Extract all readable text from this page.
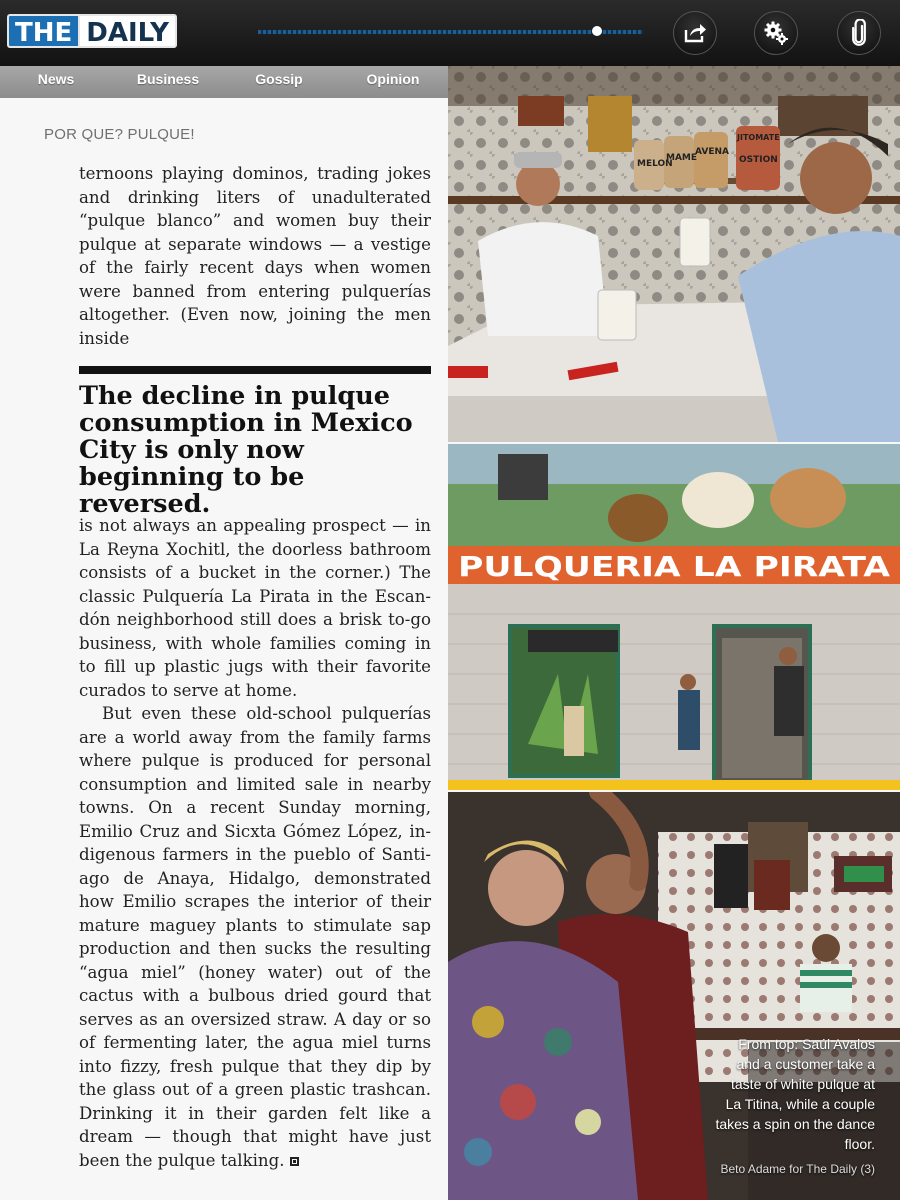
THE DAILY
News	Business	Gossip	Opinion
POR QUE? PULQUE!

ternoons playing dominos, trading jokes and drinking liters of unadulterated “pulque blanco” and women buy their pulque at separate windows — a vestige of the fairly recent days when women were banned from entering pulquerías altogether. (Even now, joining the men inside

The decline in pulque consumption in Mexico City is only now beginning to be reversed.

is not always an appealing prospect — in La Reyna Xochitl, the doorless bathroom consists of a bucket in the corner.) The classic Pulquería La Pirata in the Escandón neighborhood still does a brisk to-go business, with whole families coming in to fill up plastic jugs with their favorite curados to serve at home.

But even these old-school pulquerías are a world away from the family farms where pulque is produced for personal consumption and limited sale in nearby towns. On a recent Sunday morning, Emilio Cruz and Sicxta Gómez López, indigenous farmers in the pueblo of Santiago de Anaya, Hidalgo, demonstrated how Emilio scrapes the interior of their mature maguey plants to stimulate sap production and then sucks the resulting “agua miel” (honey water) out of the cactus with a bulbous dried gourd that serves as an oversized straw. A day or so of fermenting later, the agua miel turns into fizzy, fresh pulque that they dip by the glass out of a green plastic trashcan. Drinking it in their garden felt like a dream — though that might have just been the pulque talking.

MELON
MAME
AVENA
JITOMATE
OSTION
PULQUERIA LA PIRATA
From top: Saúl Avalos and a customer take a taste of white pulque at La Titina, while a couple takes a spin on the dance floor.
Beto Adame for The Daily (3)
